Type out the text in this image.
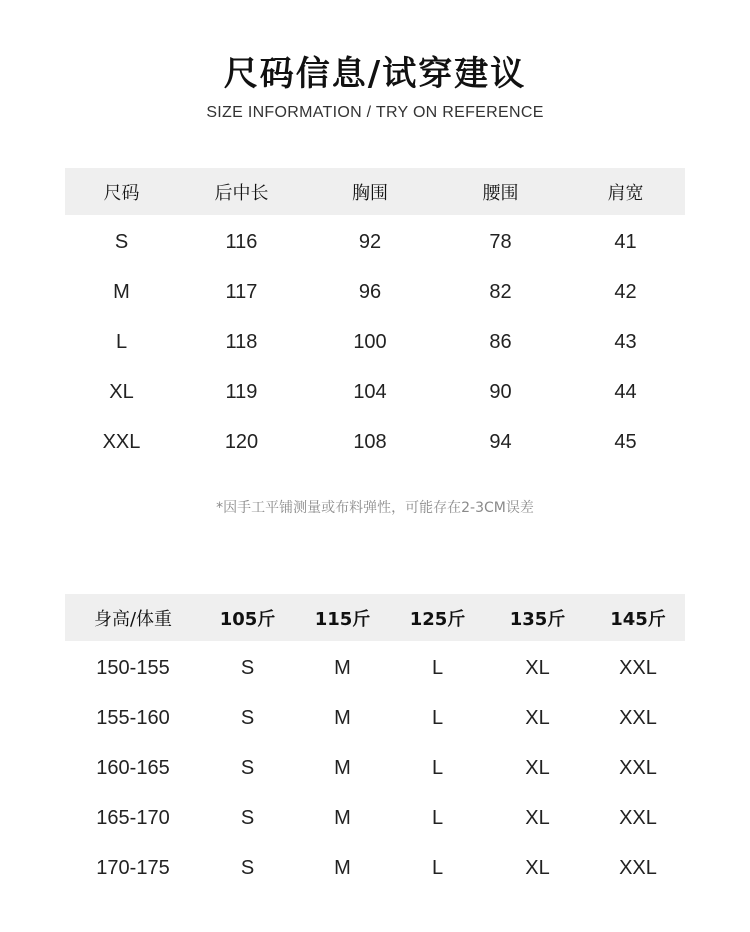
尺码信息/试穿建议
SIZE INFORMATION / TRY ON REFERENCE
尺码	后中长	胸围	腰围	肩宽
S	116	92	78	41
M	117	96	82	42
L	118	100	86	43
XL	119	104	90	44
XXL	120	108	94	45
*因手工平铺测量或布料弹性，可能存在2-3CM误差
身高/体重	105斤	115斤	125斤	135斤	145斤
150-155	S	M	L	XL	XXL
155-160	S	M	L	XL	XXL
160-165	S	M	L	XL	XXL
165-170	S	M	L	XL	XXL
170-175	S	M	L	XL	XXL
